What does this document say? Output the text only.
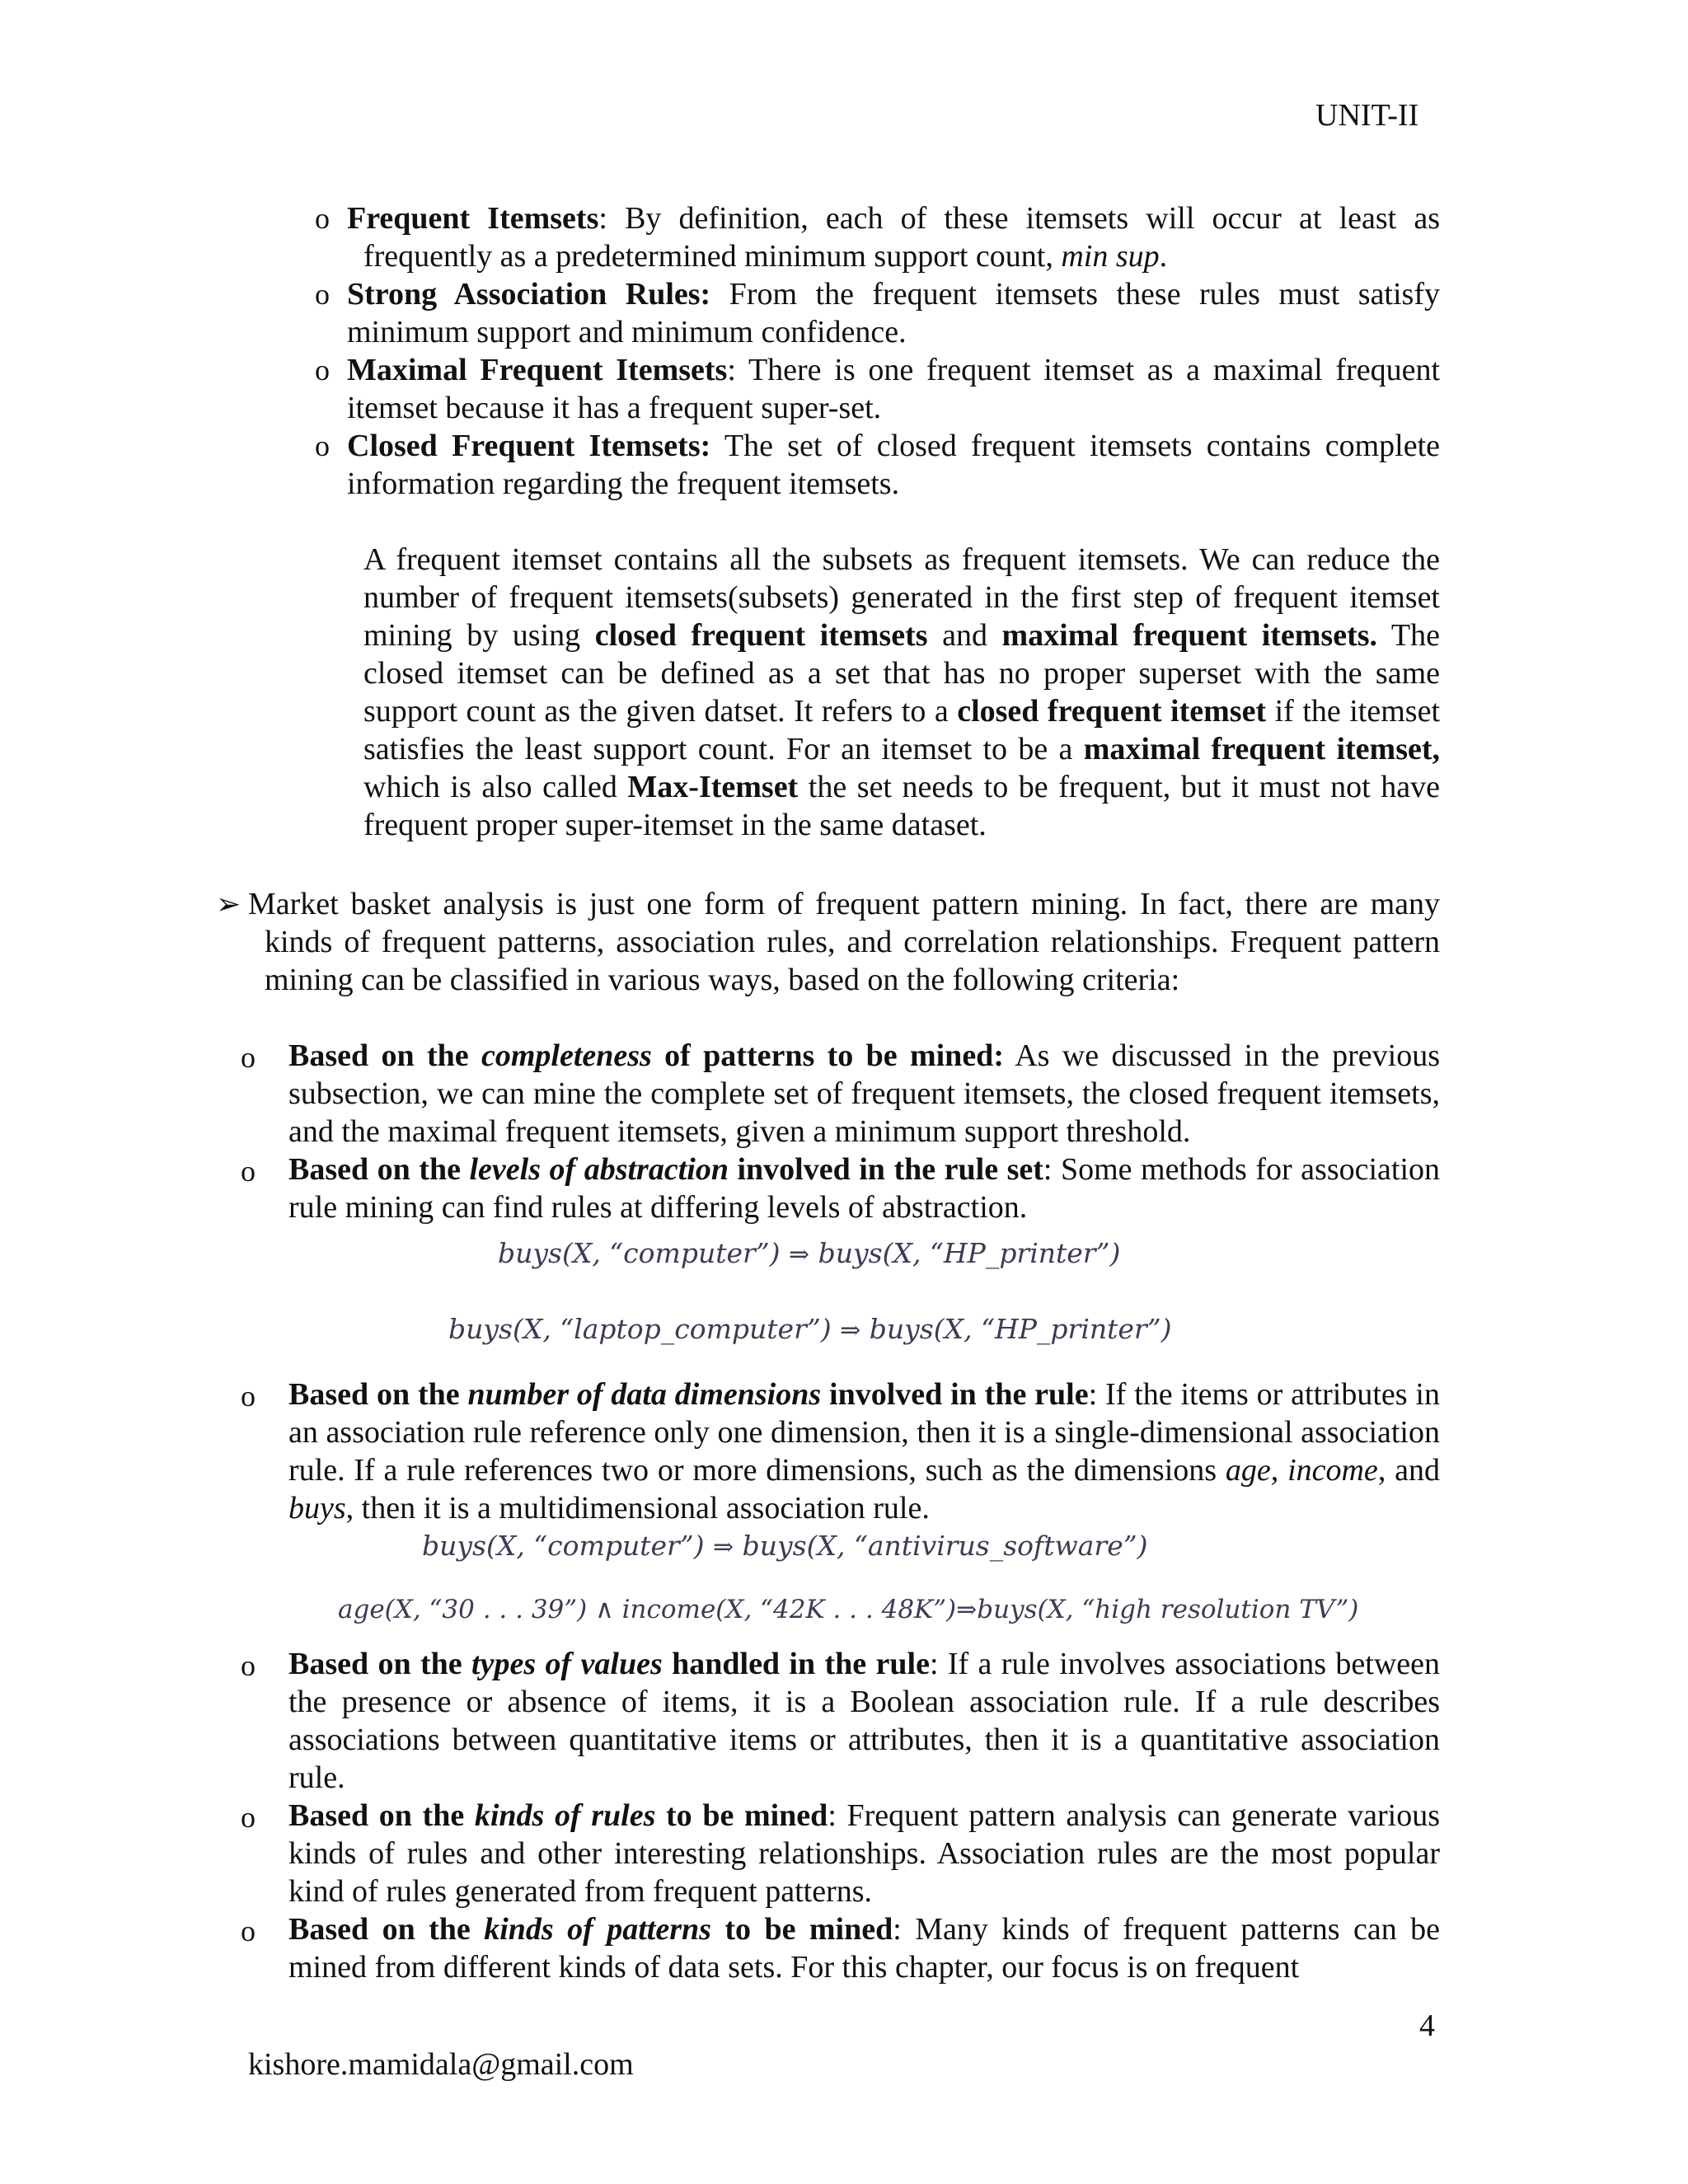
UNIT-II
o Frequent Itemsets: By definition, each of these itemsets will occur at least as frequently as a predetermined minimum support count, min sup.
o Strong Association Rules: From the frequent itemsets these rules must satisfy minimum support and minimum confidence.
o Maximal Frequent Itemsets: There is one frequent itemset as a maximal frequent itemset because it has a frequent super-set.
o Closed Frequent Itemsets: The set of closed frequent itemsets contains complete information regarding the frequent itemsets.
A frequent itemset contains all the subsets as frequent itemsets. We can reduce the number of frequent itemsets(subsets) generated in the first step of frequent itemset mining by using closed frequent itemsets and maximal frequent itemsets. The closed itemset can be defined as a set that has no proper superset with the same support count as the given datset. It refers to a closed frequent itemset if the itemset satisfies the least support count. For an itemset to be a maximal frequent itemset, which is also called Max-Itemset the set needs to be frequent, but it must not have frequent proper super-itemset in the same dataset.
➢ Market basket analysis is just one form of frequent pattern mining. In fact, there are many kinds of frequent patterns, association rules, and correlation relationships. Frequent pattern mining can be classified in various ways, based on the following criteria:
o Based on the completeness of patterns to be mined: As we discussed in the previous subsection, we can mine the complete set of frequent itemsets, the closed frequent itemsets, and the maximal frequent itemsets, given a minimum support threshold.
o Based on the levels of abstraction involved in the rule set: Some methods for association rule mining can find rules at differing levels of abstraction.
buys(X, “computer”) ⇒ buys(X, “HP_printer”)
buys(X, “laptop_computer”) ⇒ buys(X, “HP_printer”)
o Based on the number of data dimensions involved in the rule: If the items or attributes in an association rule reference only one dimension, then it is a single-dimensional association rule. If a rule references two or more dimensions, such as the dimensions age, income, and buys, then it is a multidimensional association rule.
buys(X, “computer”) ⇒ buys(X, “antivirus_software”)
age(X, “30 . . . 39”) ∧ income(X, “42K . . . 48K”)⇒buys(X, “high resolution TV”)
o Based on the types of values handled in the rule: If a rule involves associations between the presence or absence of items, it is a Boolean association rule. If a rule describes associations between quantitative items or attributes, then it is a quantitative association rule.
o Based on the kinds of rules to be mined: Frequent pattern analysis can generate various kinds of rules and other interesting relationships. Association rules are the most popular kind of rules generated from frequent patterns.
o Based on the kinds of patterns to be mined: Many kinds of frequent patterns can be mined from different kinds of data sets. For this chapter, our focus is on frequent
4
kishore.mamidala@gmail.com
